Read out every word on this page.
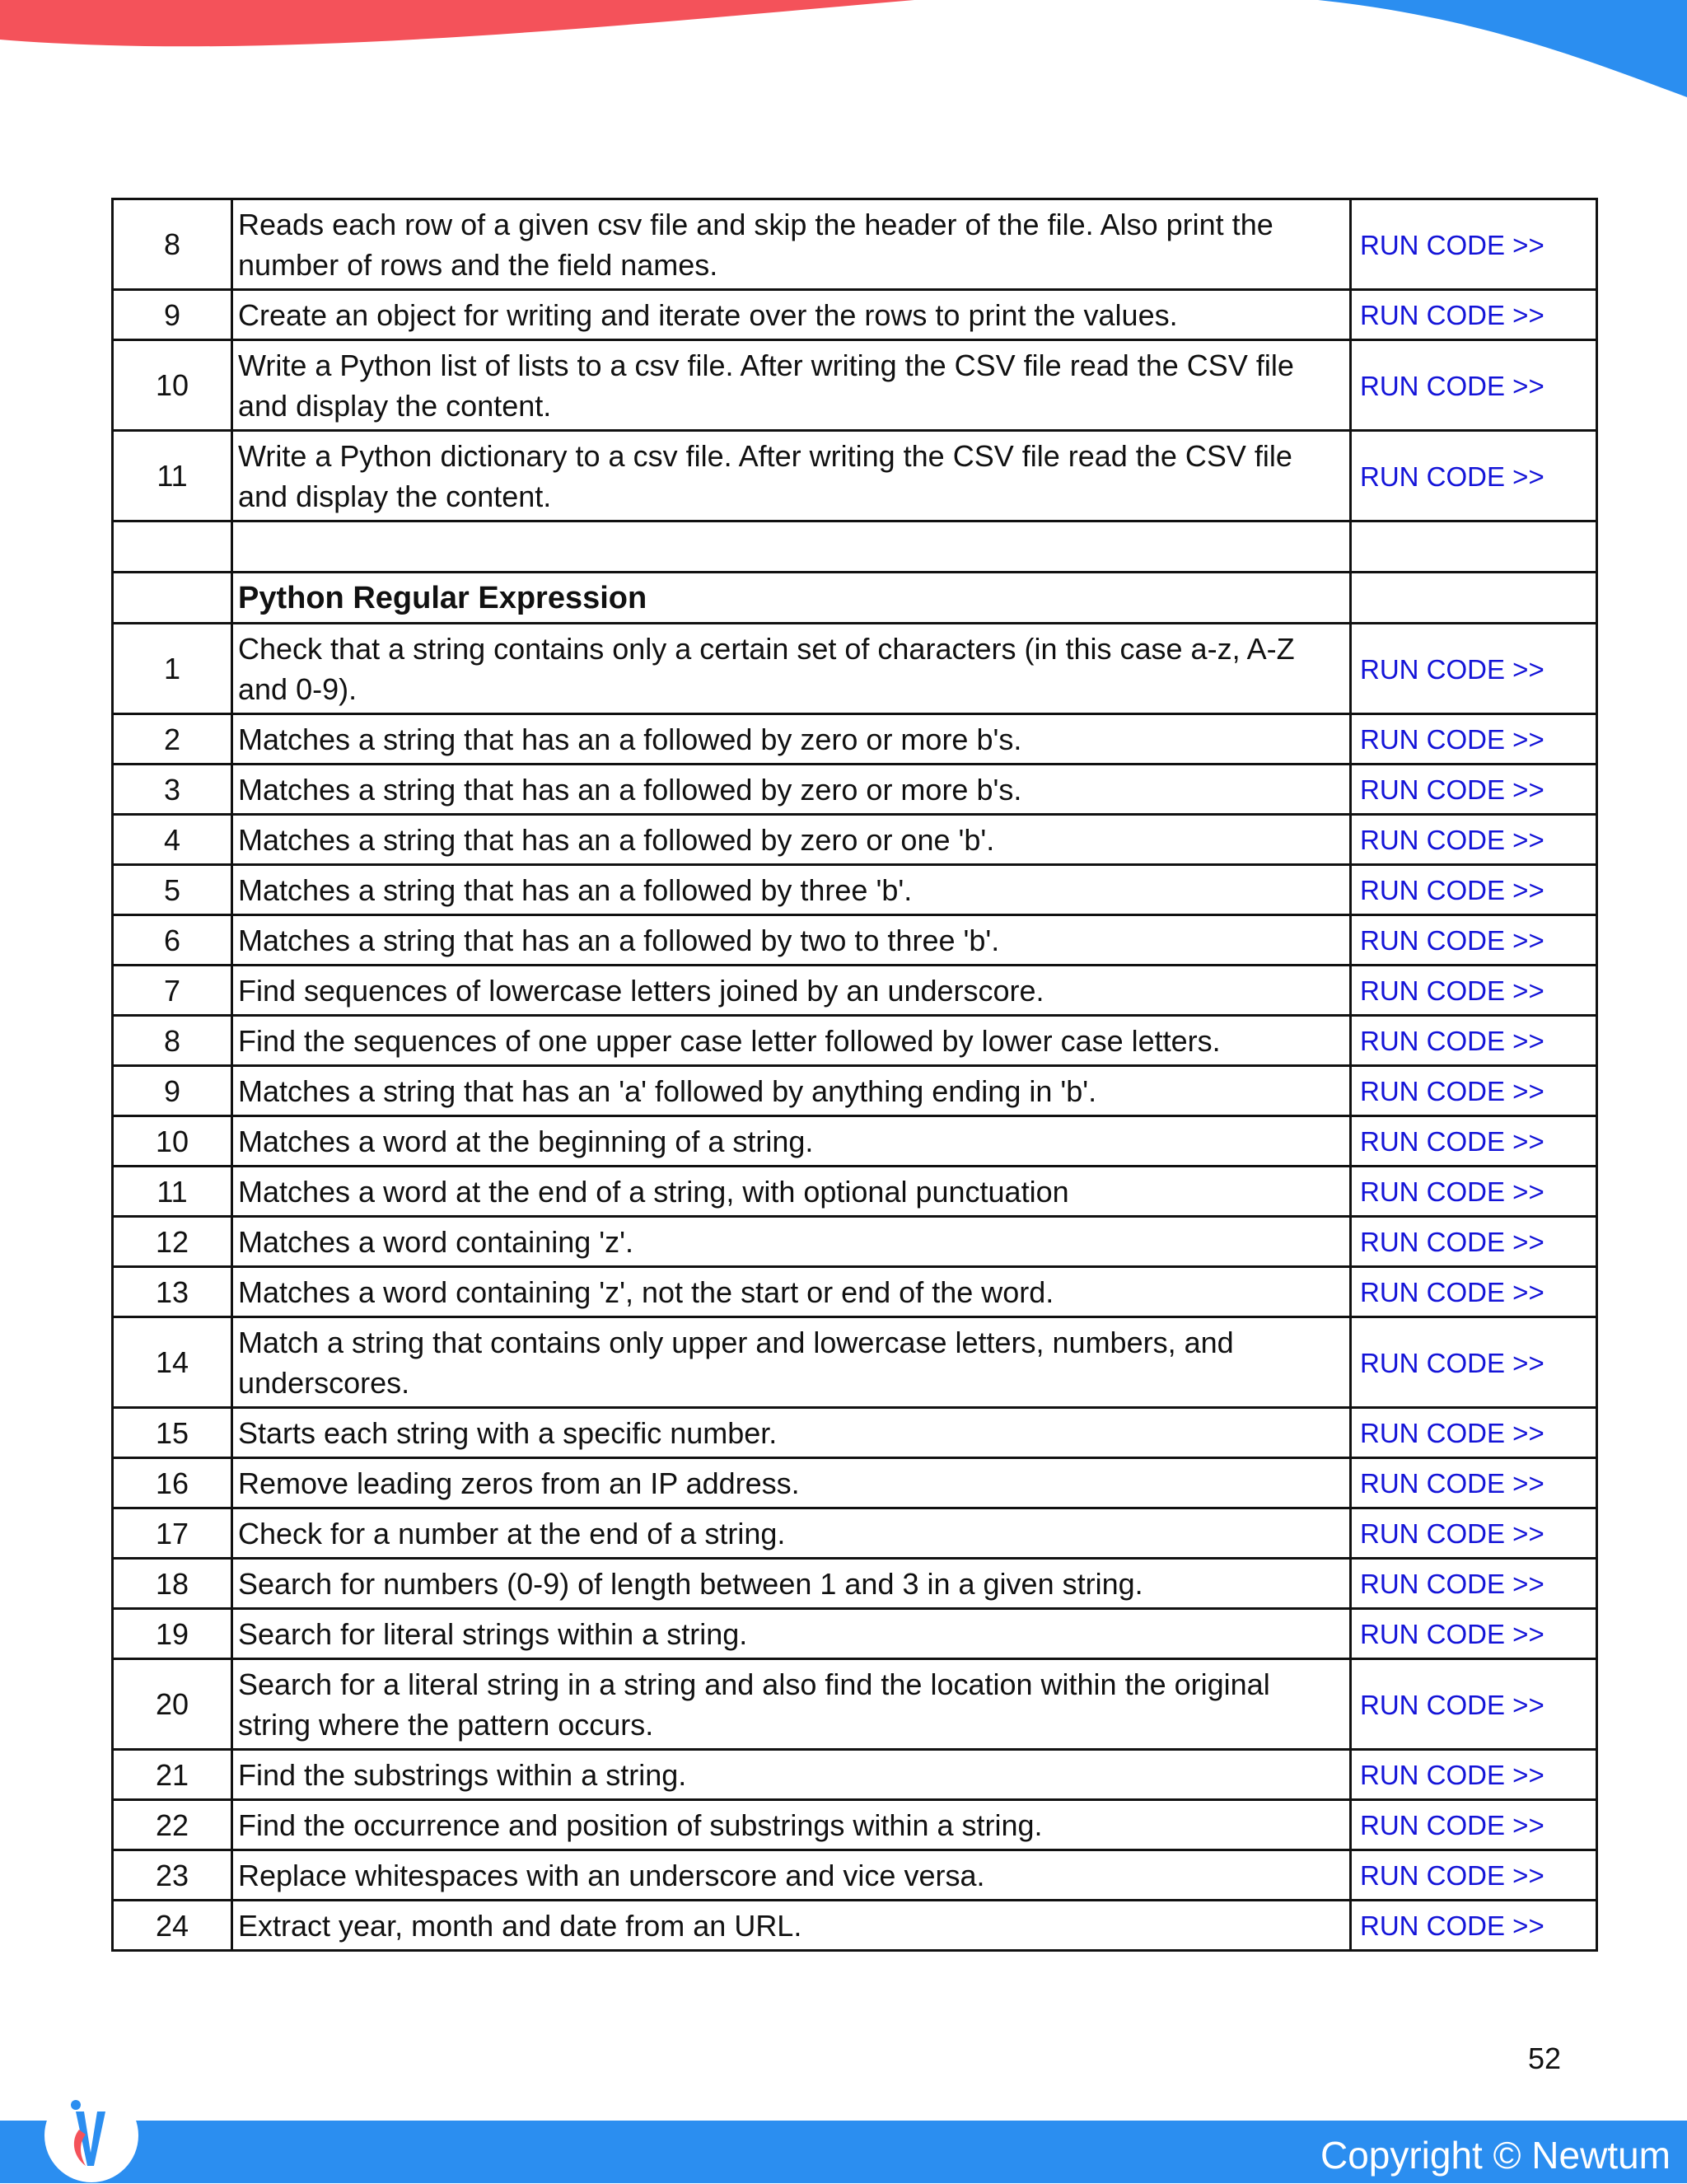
8	Reads each row of a given csv file and skip the header of the file. Also print the number of rows and the field names.	RUN CODE >>
9	Create an object for writing and iterate over the rows to print the values.	RUN CODE >>
10	Write a Python list of lists to a csv file. After writing the CSV file read the CSV file and display the content.	RUN CODE >>
11	Write a Python dictionary to a csv file. After writing the CSV file read the CSV file and display the content.	RUN CODE >>

	Python Regular Expression	
1	Check that a string contains only a certain set of characters (in this case a-z, A-Z and 0-9).	RUN CODE >>
2	Matches a string that has an a followed by zero or more b's.	RUN CODE >>
3	Matches a string that has an a followed by zero or more b's.	RUN CODE >>
4	Matches a string that has an a followed by zero or one 'b'.	RUN CODE >>
5	Matches a string that has an a followed by three 'b'.	RUN CODE >>
6	Matches a string that has an a followed by two to three 'b'.	RUN CODE >>
7	Find sequences of lowercase letters joined by an underscore.	RUN CODE >>
8	Find the sequences of one upper case letter followed by lower case letters.	RUN CODE >>
9	Matches a string that has an 'a' followed by anything ending in 'b'.	RUN CODE >>
10	Matches a word at the beginning of a string.	RUN CODE >>
11	Matches a word at the end of a string, with optional punctuation	RUN CODE >>
12	Matches a word containing 'z'.	RUN CODE >>
13	Matches a word containing 'z', not the start or end of the word.	RUN CODE >>
14	Match a string that contains only upper and lowercase letters, numbers, and underscores.	RUN CODE >>
15	Starts each string with a specific number.	RUN CODE >>
16	Remove leading zeros from an IP address.	RUN CODE >>
17	Check for a number at the end of a string.	RUN CODE >>
18	Search for numbers (0-9) of length between 1 and 3 in a given string.	RUN CODE >>
19	Search for literal strings within a string.	RUN CODE >>
20	Search for a literal string in a string and also find the location within the original string where the pattern occurs.	RUN CODE >>
21	Find the substrings within a string.	RUN CODE >>
22	Find the occurrence and position of substrings within a string.	RUN CODE >>
23	Replace whitespaces with an underscore and vice versa.	RUN CODE >>
24	Extract year, month and date from an URL.	RUN CODE >>
52
Copyright © Newtum
